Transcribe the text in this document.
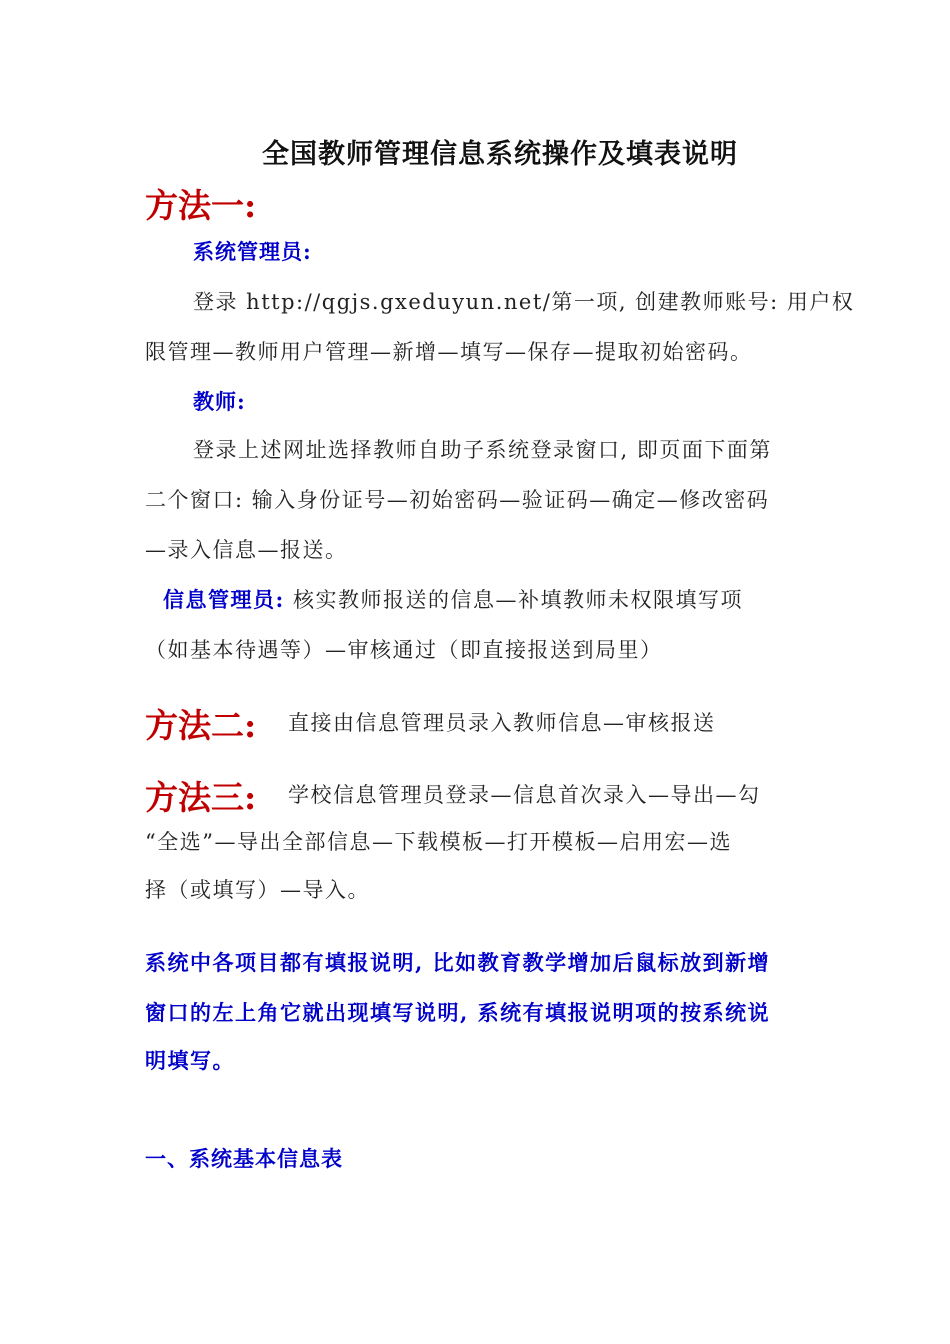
全国教师管理信息系统操作及填表说明
方法一:
系统管理员:
登录 http://qgjs.gxeduyun.net/第一项, 创建教师账号: 用户权
限管理—教师用户管理—新增—填写—保存—提取初始密码。
教师:
登录上述网址选择教师自助子系统登录窗口, 即页面下面第
二个窗口: 输入身份证号—初始密码—验证码—确定—修改密码
—录入信息—报送。
信息管理员: 核实教师报送的信息—补填教师未权限填写项
（如基本待遇等）—审核通过（即直接报送到局里）
方法二: 直接由信息管理员录入教师信息—审核报送
方法三: 学校信息管理员登录—信息首次录入—导出—勾
“全选”—导出全部信息—下载模板—打开模板—启用宏—选
择（或填写）—导入。
系统中各项目都有填报说明, 比如教育教学增加后鼠标放到新增
窗口的左上角它就出现填写说明, 系统有填报说明项的按系统说
明填写。
一、系统基本信息表
